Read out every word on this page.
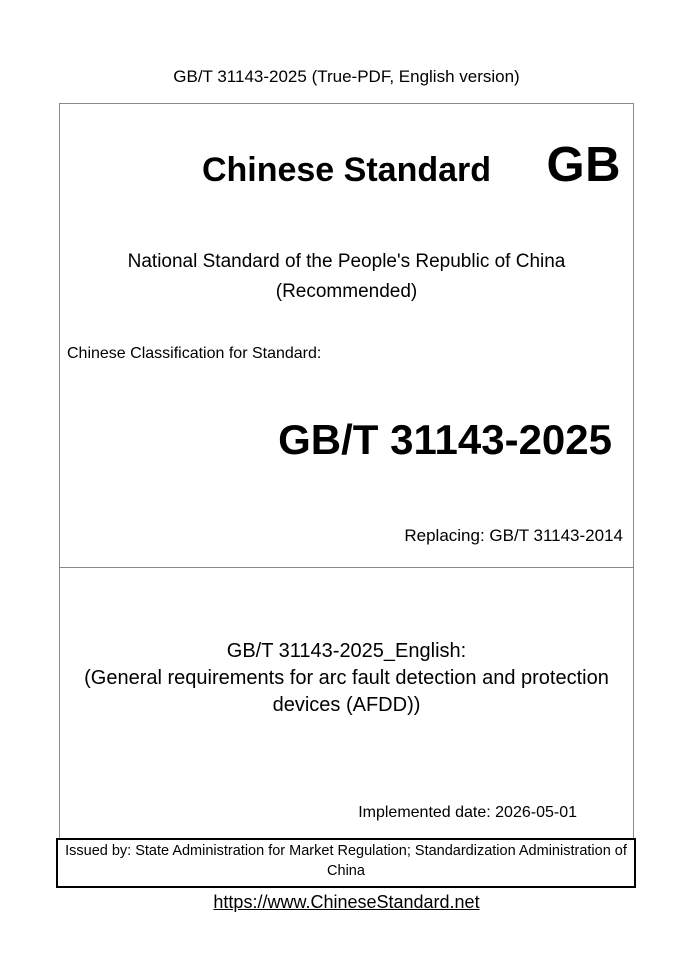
GB/T 31143-2025 (True-PDF, English version)
Chinese Standard	GB
National Standard of the People's Republic of China
(Recommended)
Chinese Classification for Standard:
GB/T 31143-2025
Replacing: GB/T 31143-2014
GB/T 31143-2025_English:
(General requirements for arc fault detection and protection devices (AFDD))
Implemented date: 2026-05-01
Issued by: State Administration for Market Regulation; Standardization Administration of China
https://www.ChineseStandard.net
